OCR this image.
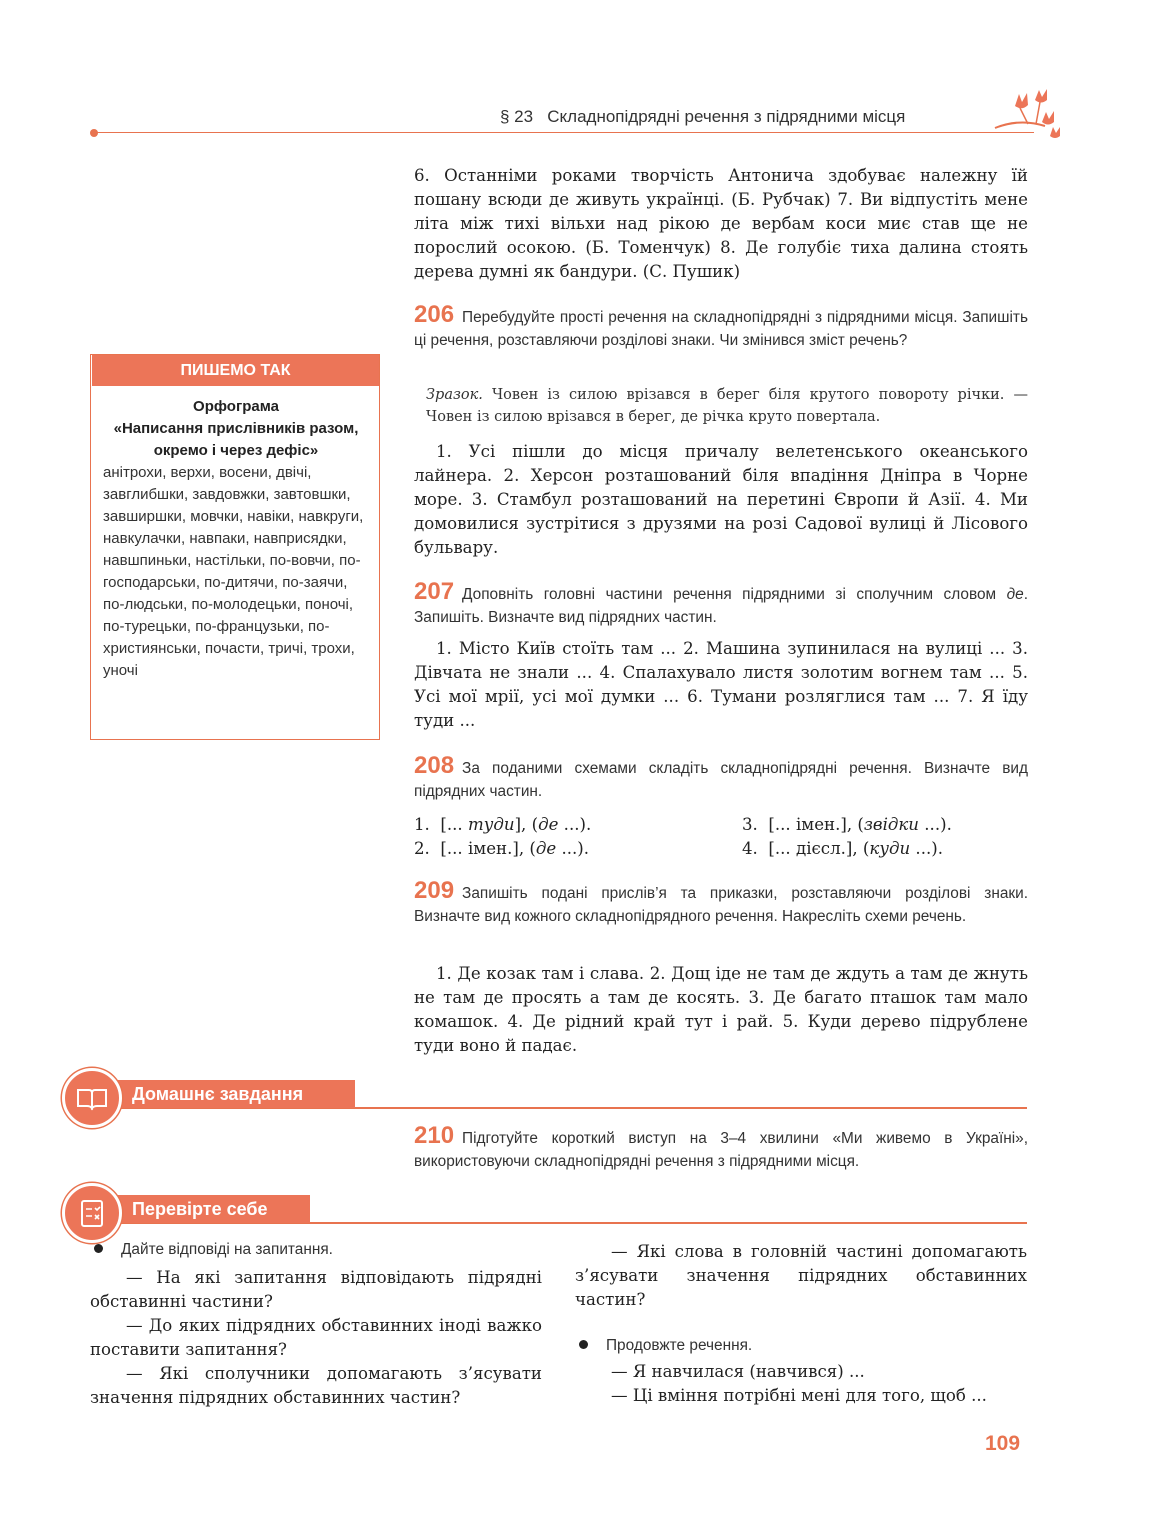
§ 23 Складнопідрядні речення з підрядними місця

6. Останніми роками творчість Антонича здобуває належну їй пошану всюди де живуть українці. (Б. Рубчак) 7. Ви відпустіть мене літа між тихі вільхи над рікою де вербам коси миє став ще не порослий осокою. (Б. Томенчук) 8. Де голубіє тиха далина стоять дерева думні як бандури. (С. Пушик)

206 Перебудуйте прості речення на складнопідрядні з підрядними місця. Запишіть ці речення, розставляючи розділові знаки. Чи змінився зміст речень?
Зразок. Човен із силою врізався в берег біля крутого повороту річки. — Човен із силою врізався в берег, де річка круто повертала.

1. Усі пішли до місця причалу велетенського океанського лайнера. 2. Херсон розташований біля впадіння Дніпра в Чорне море. 3. Стамбул розташований на перетині Європи й Азії. 4. Ми домовилися зустрітися з друзями на розі Садової вулиці й Лісового бульвару.

207 Доповніть головні частини речення підрядними зі сполучним словом де. Запишіть. Визначте вид підрядних частин.

1. Місто Київ стоїть там ... 2. Машина зупинилася на вулиці ... 3. Дівчата не знали ... 4. Спалахувало листя золотим вогнем там ... 5. Усі мої мрії, усі мої думки ... 6. Тумани розляглися там ... 7. Я їду туди ...

208 За поданими схемами складіть складнопідрядні речення. Визначте вид підрядних частин.
1. [... туди], (де ...).	3. [... імен.], (звідки ...).
2. [... імен.], (де ...).	4. [... дієсл.], (куди ...).
209 Запишіть подані прислів’я та приказки, розставляючи розділові знаки. Визначте вид кожного складнопідрядного речення. Накресліть схеми речень.

1. Де козак там і слава. 2. Дощ іде не там де ждуть а там де жнуть не там де просять а там де косять. 3. Де багато пташок там мало комашок. 4. Де рідний край тут і рай. 5. Куди дерево підрублене туди воно й падає.

ПИШЕМО ТАК
Орфограма
«Написання прислівників разом, окремо і через дефіс»
анітрохи, верхи, восени, двічі, завглибшки, завдовжки, завтовшки, завширшки, мовчки, навіки, навкруги, навкулачки, навпаки, навприсядки, навшпиньки, настільки, по-вовчи, по-господарськи, по-дитячи, по-заячи, по-людськи, по-молодецьки, поночі, по-турецьки, по-французьки, по-християнськи, почасти, тричі, трохи, уночі
Домашнє завдання
210 Підготуйте короткий виступ на 3–4 хвилини «Ми живемо в Україні», використовуючи складнопідрядні речення з підрядними місця.
Перевірте себе
Дайте відповіді на запитання.
— На які запитання відповідають підрядні обставинні частини?
— До яких підрядних обставинних іноді важко поставити запитання?
— Які сполучники допомагають з’ясувати значення підрядних обставинних частин?
— Які слова в головній частині допомагають з’ясувати значення підрядних обставинних частин?
Продовжте речення.
— Я навчилася (навчився) ...
— Ці вміння потрібні мені для того, щоб ...
109
